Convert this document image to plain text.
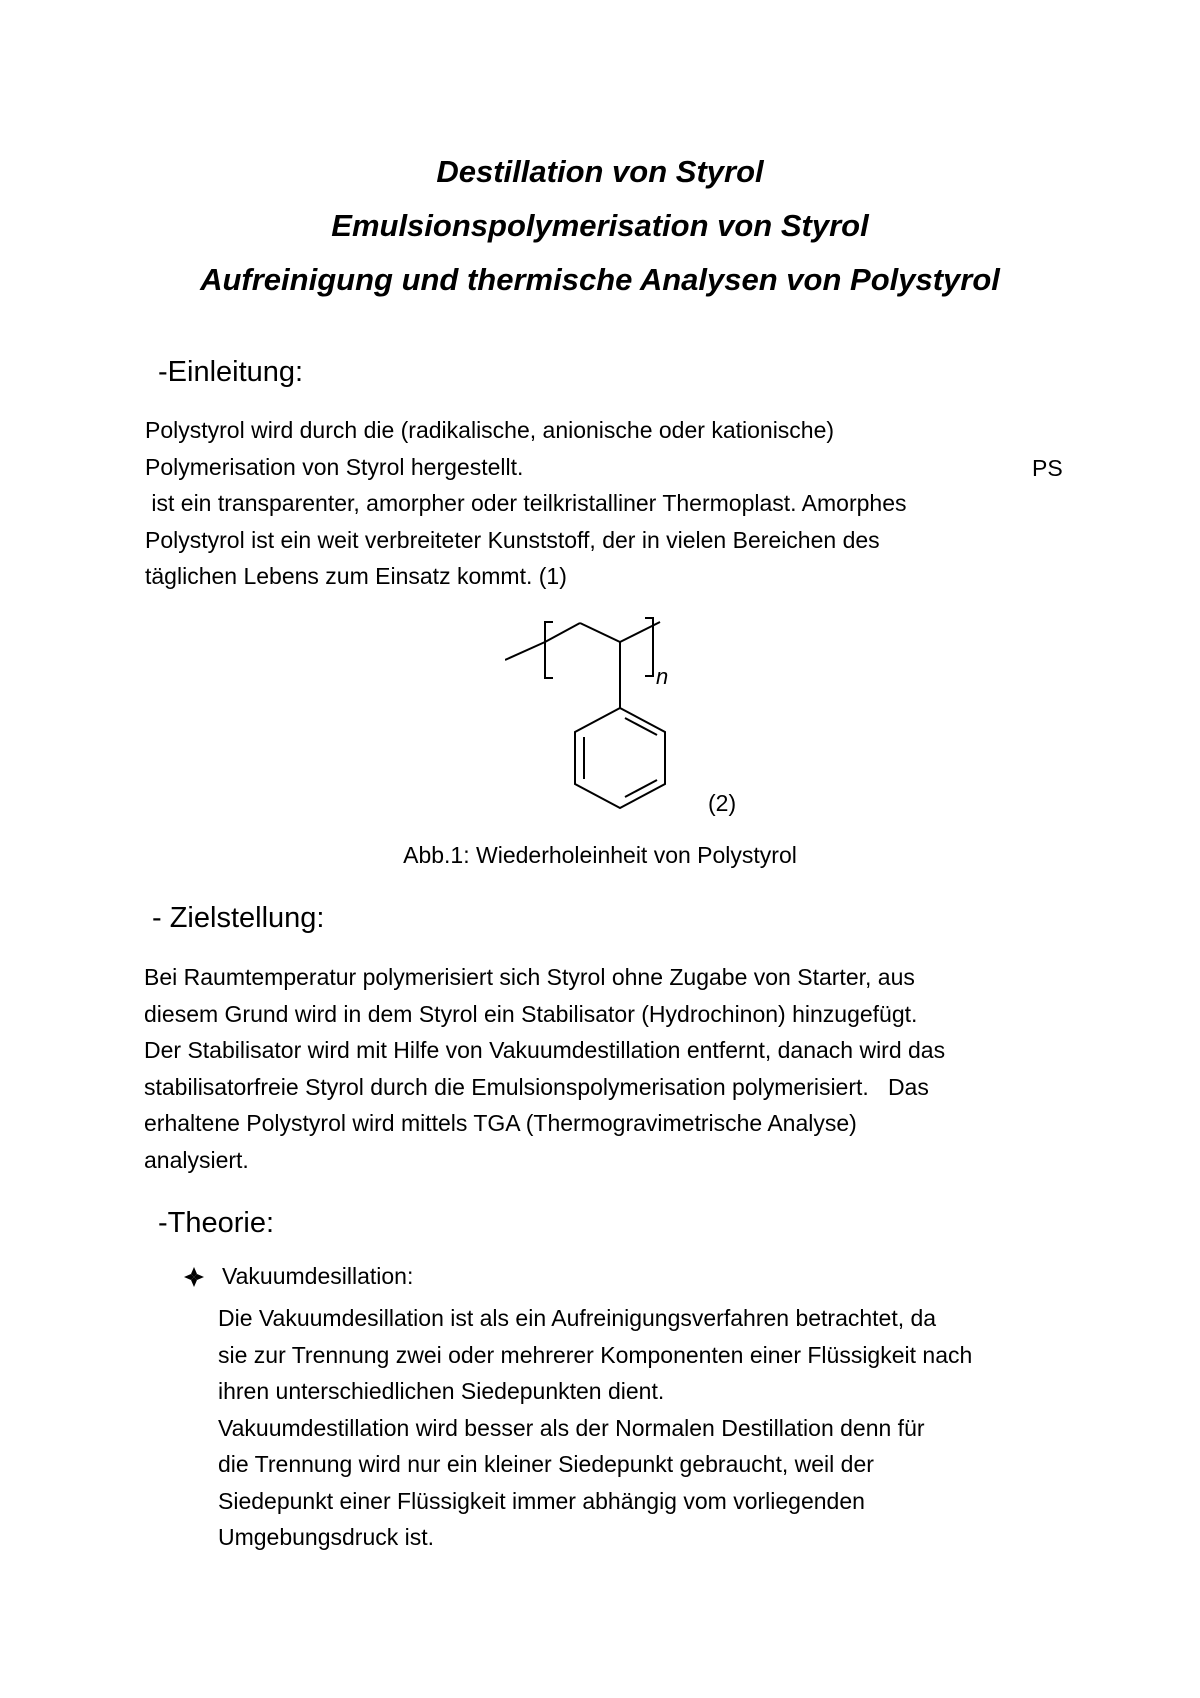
Destillation von Styrol

Emulsionspolymerisation von Styrol

Aufreinigung und thermische Analysen von Polystyrol

-Einleitung:

Polystyrol wird durch die (radikalische, anionische oder kationische)
Polymerisation von Styrol hergestellt.
ist ein transparenter, amorpher oder teilkristalliner Thermoplast. Amorphes
Polystyrol ist ein weit verbreiteter Kunststoff, der in vielen Bereichen des
täglichen Lebens zum Einsatz kommt. (1)
PS
n
(2)
Abb.1: Wiederholeinheit von Polystyrol

- Zielstellung:

Bei Raumtemperatur polymerisiert sich Styrol ohne Zugabe von Starter, aus
diesem Grund wird in dem Styrol ein Stabilisator (Hydrochinon) hinzugefügt.
Der Stabilisator wird mit Hilfe von Vakuumdestillation entfernt, danach wird das
stabilisatorfreie Styrol durch die Emulsionspolymerisation polymerisiert.   Das
erhaltene Polystyrol wird mittels TGA (Thermogravimetrische Analyse)
analysiert.

-Theorie:

Vakuumdesillation:
Die Vakuumdesillation ist als ein Aufreinigungsverfahren betrachtet, da
sie zur Trennung zwei oder mehrerer Komponenten einer Flüssigkeit nach
ihren unterschiedlichen Siedepunkten dient.
Vakuumdestillation wird besser als der Normalen Destillation denn für
die Trennung wird nur ein kleiner Siedepunkt gebraucht, weil der
Siedepunkt einer Flüssigkeit immer abhängig vom vorliegenden
Umgebungsdruck ist.
